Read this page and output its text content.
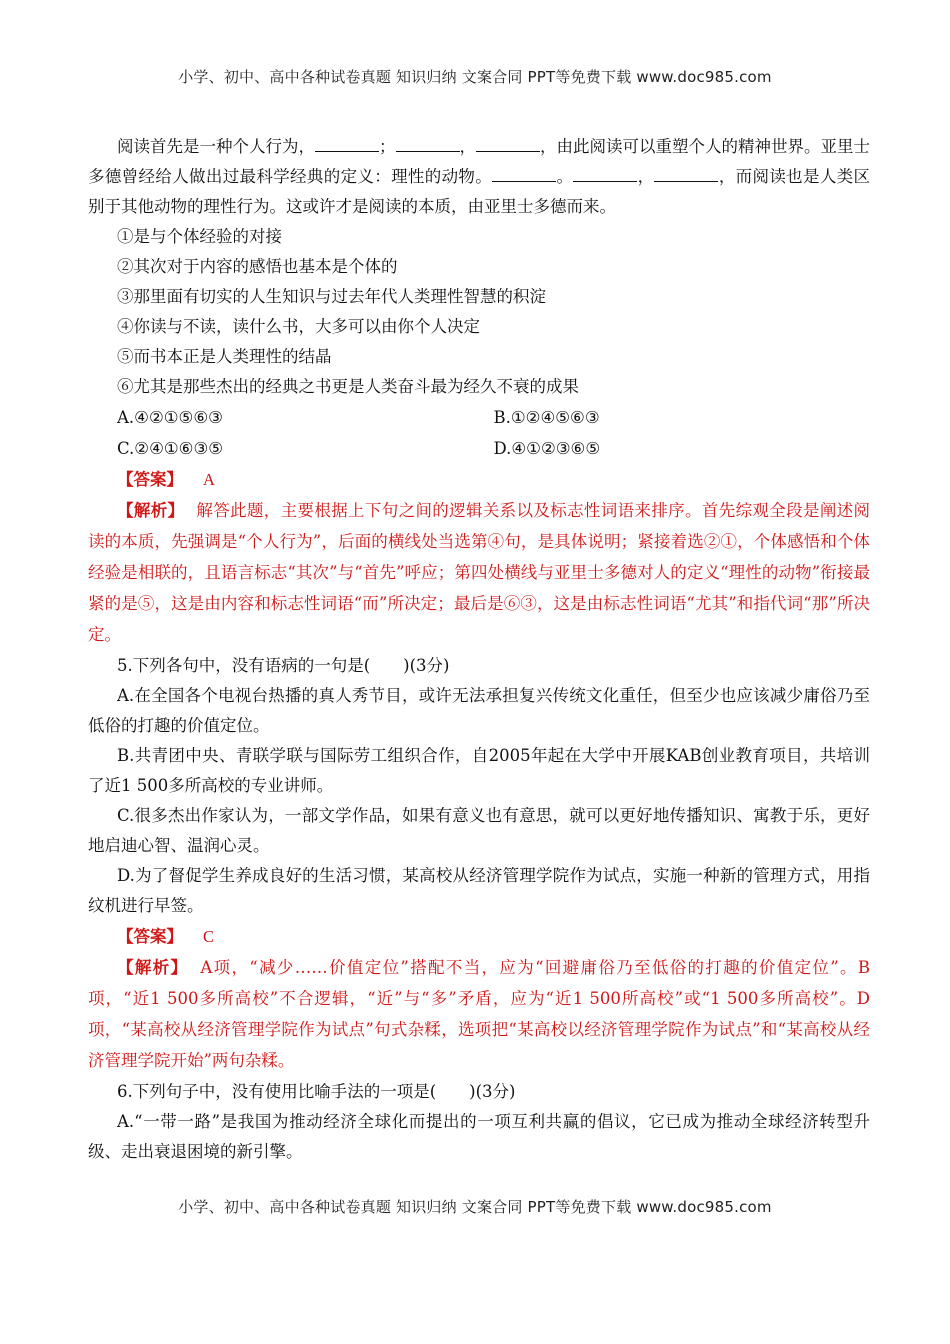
小学、初中、高中各种试卷真题 知识归纳 文案合同 PPT等免费下载 www.doc985.com

阅读首先是一种个人行为，	；	，	，由此阅读可以重塑个人的精神世界。亚里士多德曾经给人做出过最科学经典的定义：理性的动物。	。	，	，而阅读也是人类区别于其他动物的理性行为。这或许才是阅读的本质，由亚里士多德而来。

①是与个体经验的对接

②其次对于内容的感悟也基本是个体的

③那里面有切实的人生知识与过去年代人类理性智慧的积淀

④你读与不读，读什么书，大多可以由你个人决定

⑤而书本正是人类理性的结晶

⑥尤其是那些杰出的经典之书更是人类奋斗最为经久不衰的成果

A.④②①⑤⑥③	B.①②④⑤⑥③
C.②④①⑥③⑤	D.④①②③⑥⑤

【答案】 A

【解析】 解答此题，主要根据上下句之间的逻辑关系以及标志性词语来排序。首先综观全段是阐述阅读的本质，先强调是“个人行为”，后面的横线处当选第④句，是具体说明；紧接着选②①，个体感悟和个体经验是相联的，且语言标志“其次”与“首先”呼应；第四处横线与亚里士多德对人的定义“理性的动物”衔接最紧的是⑤，这是由内容和标志性词语“而”所决定；最后是⑥③，这是由标志性词语“尤其”和指代词“那”所决定。

5.下列各句中，没有语病的一句是(　　)(3分)

A.在全国各个电视台热播的真人秀节目，或许无法承担复兴传统文化重任，但至少也应该减少庸俗乃至低俗的打趣的价值定位。

B.共青团中央、青联学联与国际劳工组织合作，自2005年起在大学中开展KAB创业教育项目，共培训了近1 500多所高校的专业讲师。

C.很多杰出作家认为，一部文学作品，如果有意义也有意思，就可以更好地传播知识、寓教于乐，更好地启迪心智、温润心灵。

D.为了督促学生养成良好的生活习惯，某高校从经济管理学院作为试点，实施一种新的管理方式，用指纹机进行早签。

【答案】 C

【解析】 A项，“减少……价值定位”搭配不当，应为“回避庸俗乃至低俗的打趣的价值定位”。B项，“近1 500多所高校”不合逻辑，“近”与“多”矛盾，应为“近1 500所高校”或“1 500多所高校”。D项，“某高校从经济管理学院作为试点”句式杂糅，选项把“某高校以经济管理学院作为试点”和“某高校从经济管理学院开始”两句杂糅。

6.下列句子中，没有使用比喻手法的一项是(　　)(3分)

A.“一带一路”是我国为推动经济全球化而提出的一项互利共赢的倡议，它已成为推动全球经济转型升级、走出衰退困境的新引擎。

小学、初中、高中各种试卷真题 知识归纳 文案合同 PPT等免费下载 www.doc985.com
